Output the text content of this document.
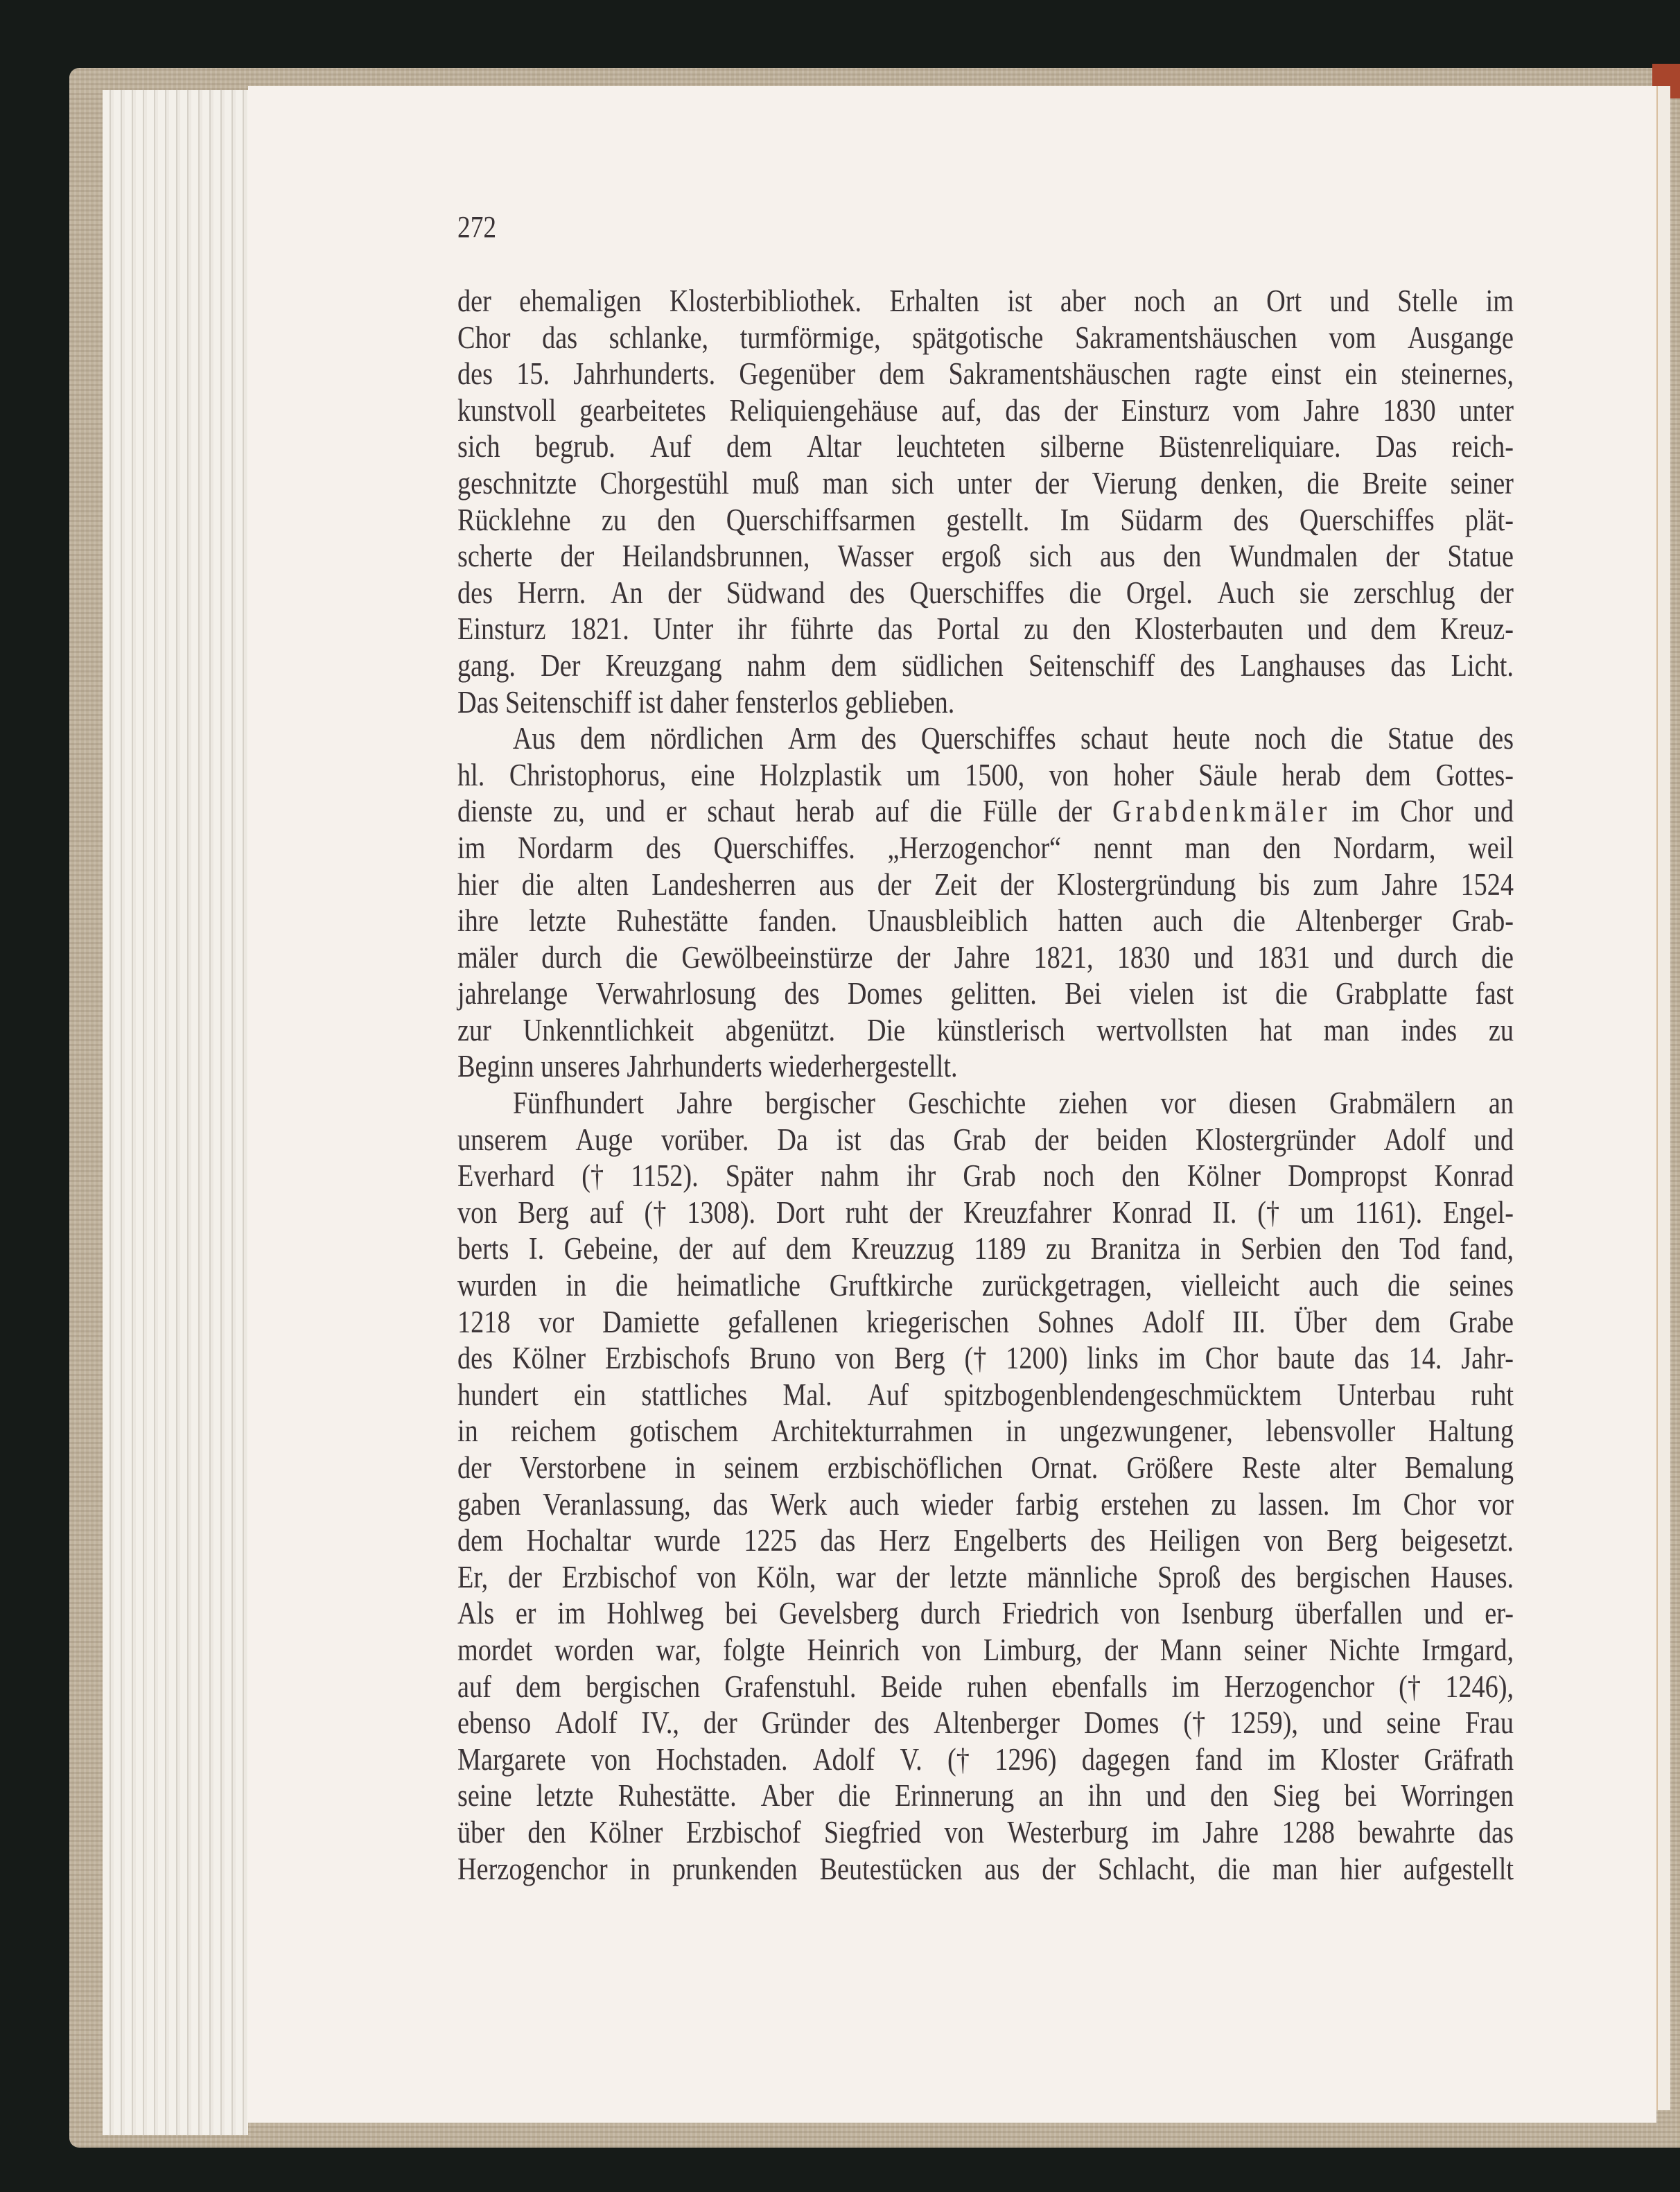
272
der ehemaligen Klosterbibliothek. Erhalten ist aber noch an Ort und Stelle im
Chor das schlanke, turmförmige, spätgotische Sakramentshäuschen vom Ausgange
des 15. Jahrhunderts. Gegenüber dem Sakramentshäuschen ragte einst ein steinernes,
kunstvoll gearbeitetes Reliquiengehäuse auf, das der Einsturz vom Jahre 1830 unter
sich begrub. Auf dem Altar leuchteten silberne Büstenreliquiare. Das reich-
geschnitzte Chorgestühl muß man sich unter der Vierung denken, die Breite seiner
Rücklehne zu den Querschiffsarmen gestellt. Im Südarm des Querschiffes plät-
scherte der Heilandsbrunnen, Wasser ergoß sich aus den Wundmalen der Statue
des Herrn. An der Südwand des Querschiffes die Orgel. Auch sie zerschlug der
Einsturz 1821. Unter ihr führte das Portal zu den Klosterbauten und dem Kreuz-
gang. Der Kreuzgang nahm dem südlichen Seitenschiff des Langhauses das Licht.
Das Seitenschiff ist daher fensterlos geblieben.
Aus dem nördlichen Arm des Querschiffes schaut heute noch die Statue des
hl. Christophorus, eine Holzplastik um 1500, von hoher Säule herab dem Gottes-
dienste zu, und er schaut herab auf die Fülle der Grabdenkmäler im Chor und
im Nordarm des Querschiffes. „Herzogenchor“ nennt man den Nordarm, weil
hier die alten Landesherren aus der Zeit der Klostergründung bis zum Jahre 1524
ihre letzte Ruhestätte fanden. Unausbleiblich hatten auch die Altenberger Grab-
mäler durch die Gewölbeeinstürze der Jahre 1821, 1830 und 1831 und durch die
jahrelange Verwahrlosung des Domes gelitten. Bei vielen ist die Grabplatte fast
zur Unkenntlichkeit abgenützt. Die künstlerisch wertvollsten hat man indes zu
Beginn unseres Jahrhunderts wiederhergestellt.
Fünfhundert Jahre bergischer Geschichte ziehen vor diesen Grabmälern an
unserem Auge vorüber. Da ist das Grab der beiden Klostergründer Adolf und
Everhard († 1152). Später nahm ihr Grab noch den Kölner Dompropst Konrad
von Berg auf († 1308). Dort ruht der Kreuzfahrer Konrad II. († um 1161). Engel-
berts I. Gebeine, der auf dem Kreuzzug 1189 zu Branitza in Serbien den Tod fand,
wurden in die heimatliche Gruftkirche zurückgetragen, vielleicht auch die seines
1218 vor Damiette gefallenen kriegerischen Sohnes Adolf III. Über dem Grabe
des Kölner Erzbischofs Bruno von Berg († 1200) links im Chor baute das 14. Jahr-
hundert ein stattliches Mal. Auf spitzbogenblendengeschmücktem Unterbau ruht
in reichem gotischem Architekturrahmen in ungezwungener, lebensvoller Haltung
der Verstorbene in seinem erzbischöflichen Ornat. Größere Reste alter Bemalung
gaben Veranlassung, das Werk auch wieder farbig erstehen zu lassen. Im Chor vor
dem Hochaltar wurde 1225 das Herz Engelberts des Heiligen von Berg beigesetzt.
Er, der Erzbischof von Köln, war der letzte männliche Sproß des bergischen Hauses.
Als er im Hohlweg bei Gevelsberg durch Friedrich von Isenburg überfallen und er-
mordet worden war, folgte Heinrich von Limburg, der Mann seiner Nichte Irmgard,
auf dem bergischen Grafenstuhl. Beide ruhen ebenfalls im Herzogenchor († 1246),
ebenso Adolf IV., der Gründer des Altenberger Domes († 1259), und seine Frau
Margarete von Hochstaden. Adolf V. († 1296) dagegen fand im Kloster Gräfrath
seine letzte Ruhestätte. Aber die Erinnerung an ihn und den Sieg bei Worringen
über den Kölner Erzbischof Siegfried von Westerburg im Jahre 1288 bewahrte das
Herzogenchor in prunkenden Beutestücken aus der Schlacht, die man hier aufgestellt
